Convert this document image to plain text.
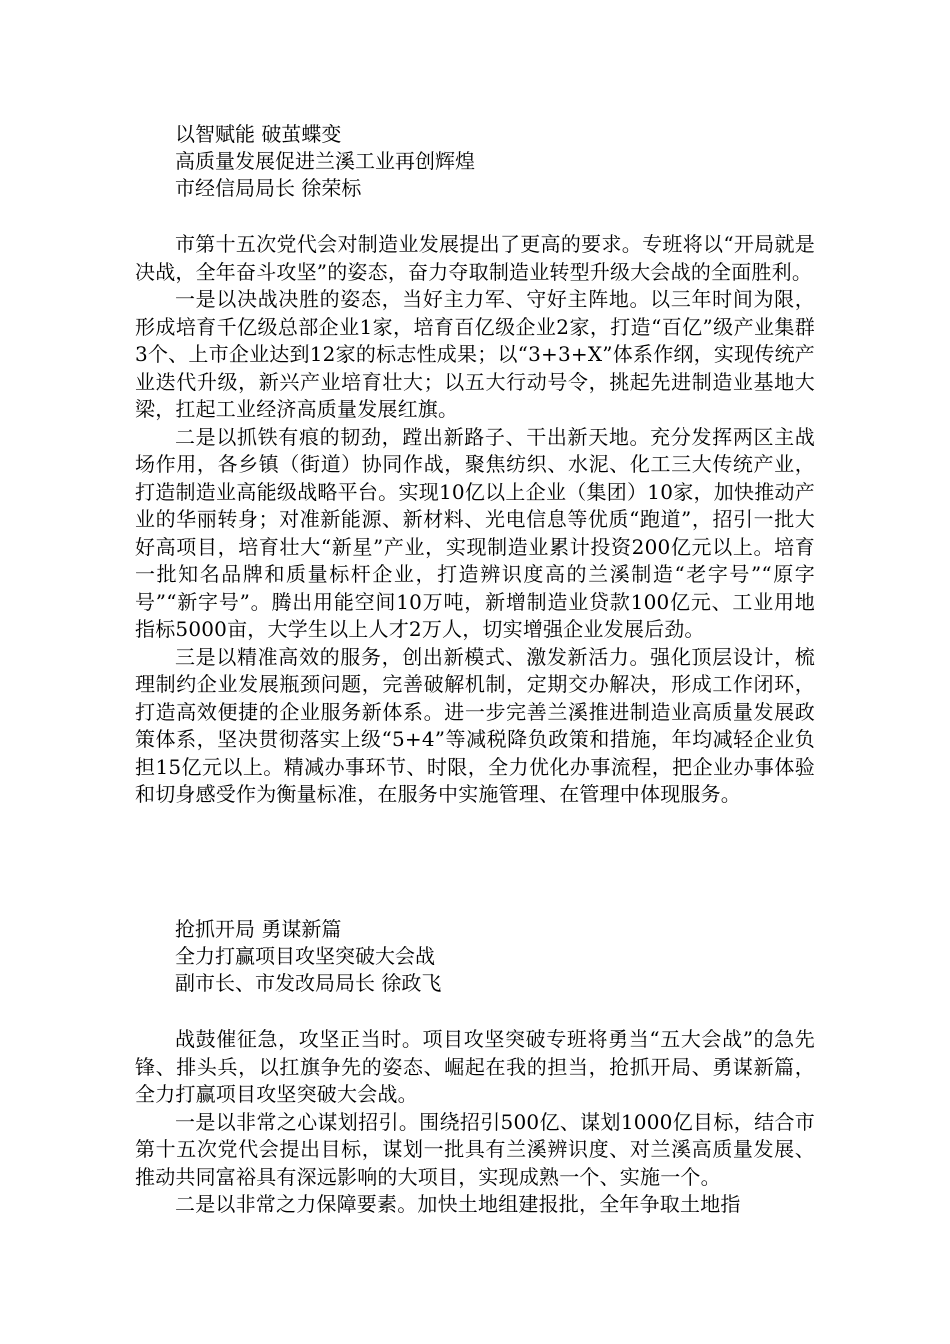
以智赋能 破茧蝶变
高质量发展促进兰溪工业再创辉煌
市经信局局长 徐荣标

市第十五次党代会对制造业发展提出了更高的要求。专班将以“开局就是决战，全年奋斗攻坚”的姿态，奋力夺取制造业转型升级大会战的全面胜利。

一是以决战决胜的姿态，当好主力军、守好主阵地。以三年时间为限，形成培育千亿级总部企业1家，培育百亿级企业2家，打造“百亿”级产业集群3个、上市企业达到12家的标志性成果；以“3+3+X”体系作纲，实现传统产业迭代升级，新兴产业培育壮大；以五大行动号令，挑起先进制造业基地大梁，扛起工业经济高质量发展红旗。

二是以抓铁有痕的韧劲，蹚出新路子、干出新天地。充分发挥两区主战场作用，各乡镇（街道）协同作战，聚焦纺织、水泥、化工三大传统产业，打造制造业高能级战略平台。实现10亿以上企业（集团）10家，加快推动产业的华丽转身；对准新能源、新材料、光电信息等优质“跑道”，招引一批大好高项目，培育壮大“新星”产业，实现制造业累计投资200亿元以上。培育一批知名品牌和质量标杆企业，打造辨识度高的兰溪制造“老字号”“原字号”“新字号”。腾出用能空间10万吨，新增制造业贷款100亿元、工业用地指标5000亩，大学生以上人才2万人，切实增强企业发展后劲。

三是以精准高效的服务，创出新模式、激发新活力。强化顶层设计，梳理制约企业发展瓶颈问题，完善破解机制，定期交办解决，形成工作闭环，打造高效便捷的企业服务新体系。进一步完善兰溪推进制造业高质量发展政策体系，坚决贯彻落实上级“5+4”等减税降负政策和措施，年均减轻企业负担15亿元以上。精减办事环节、时限，全力优化办事流程，把企业办事体验和切身感受作为衡量标准，在服务中实施管理、在管理中体现服务。

抢抓开局 勇谋新篇
全力打赢项目攻坚突破大会战
副市长、市发改局局长 徐政飞

战鼓催征急，攻坚正当时。项目攻坚突破专班将勇当“五大会战”的急先锋、排头兵，以扛旗争先的姿态、崛起在我的担当，抢抓开局、勇谋新篇，全力打赢项目攻坚突破大会战。

一是以非常之心谋划招引。围绕招引500亿、谋划1000亿目标，结合市第十五次党代会提出目标，谋划一批具有兰溪辨识度、对兰溪高质量发展、推动共同富裕具有深远影响的大项目，实现成熟一个、实施一个。

二是以非常之力保障要素。加快土地组建报批，全年争取土地指
